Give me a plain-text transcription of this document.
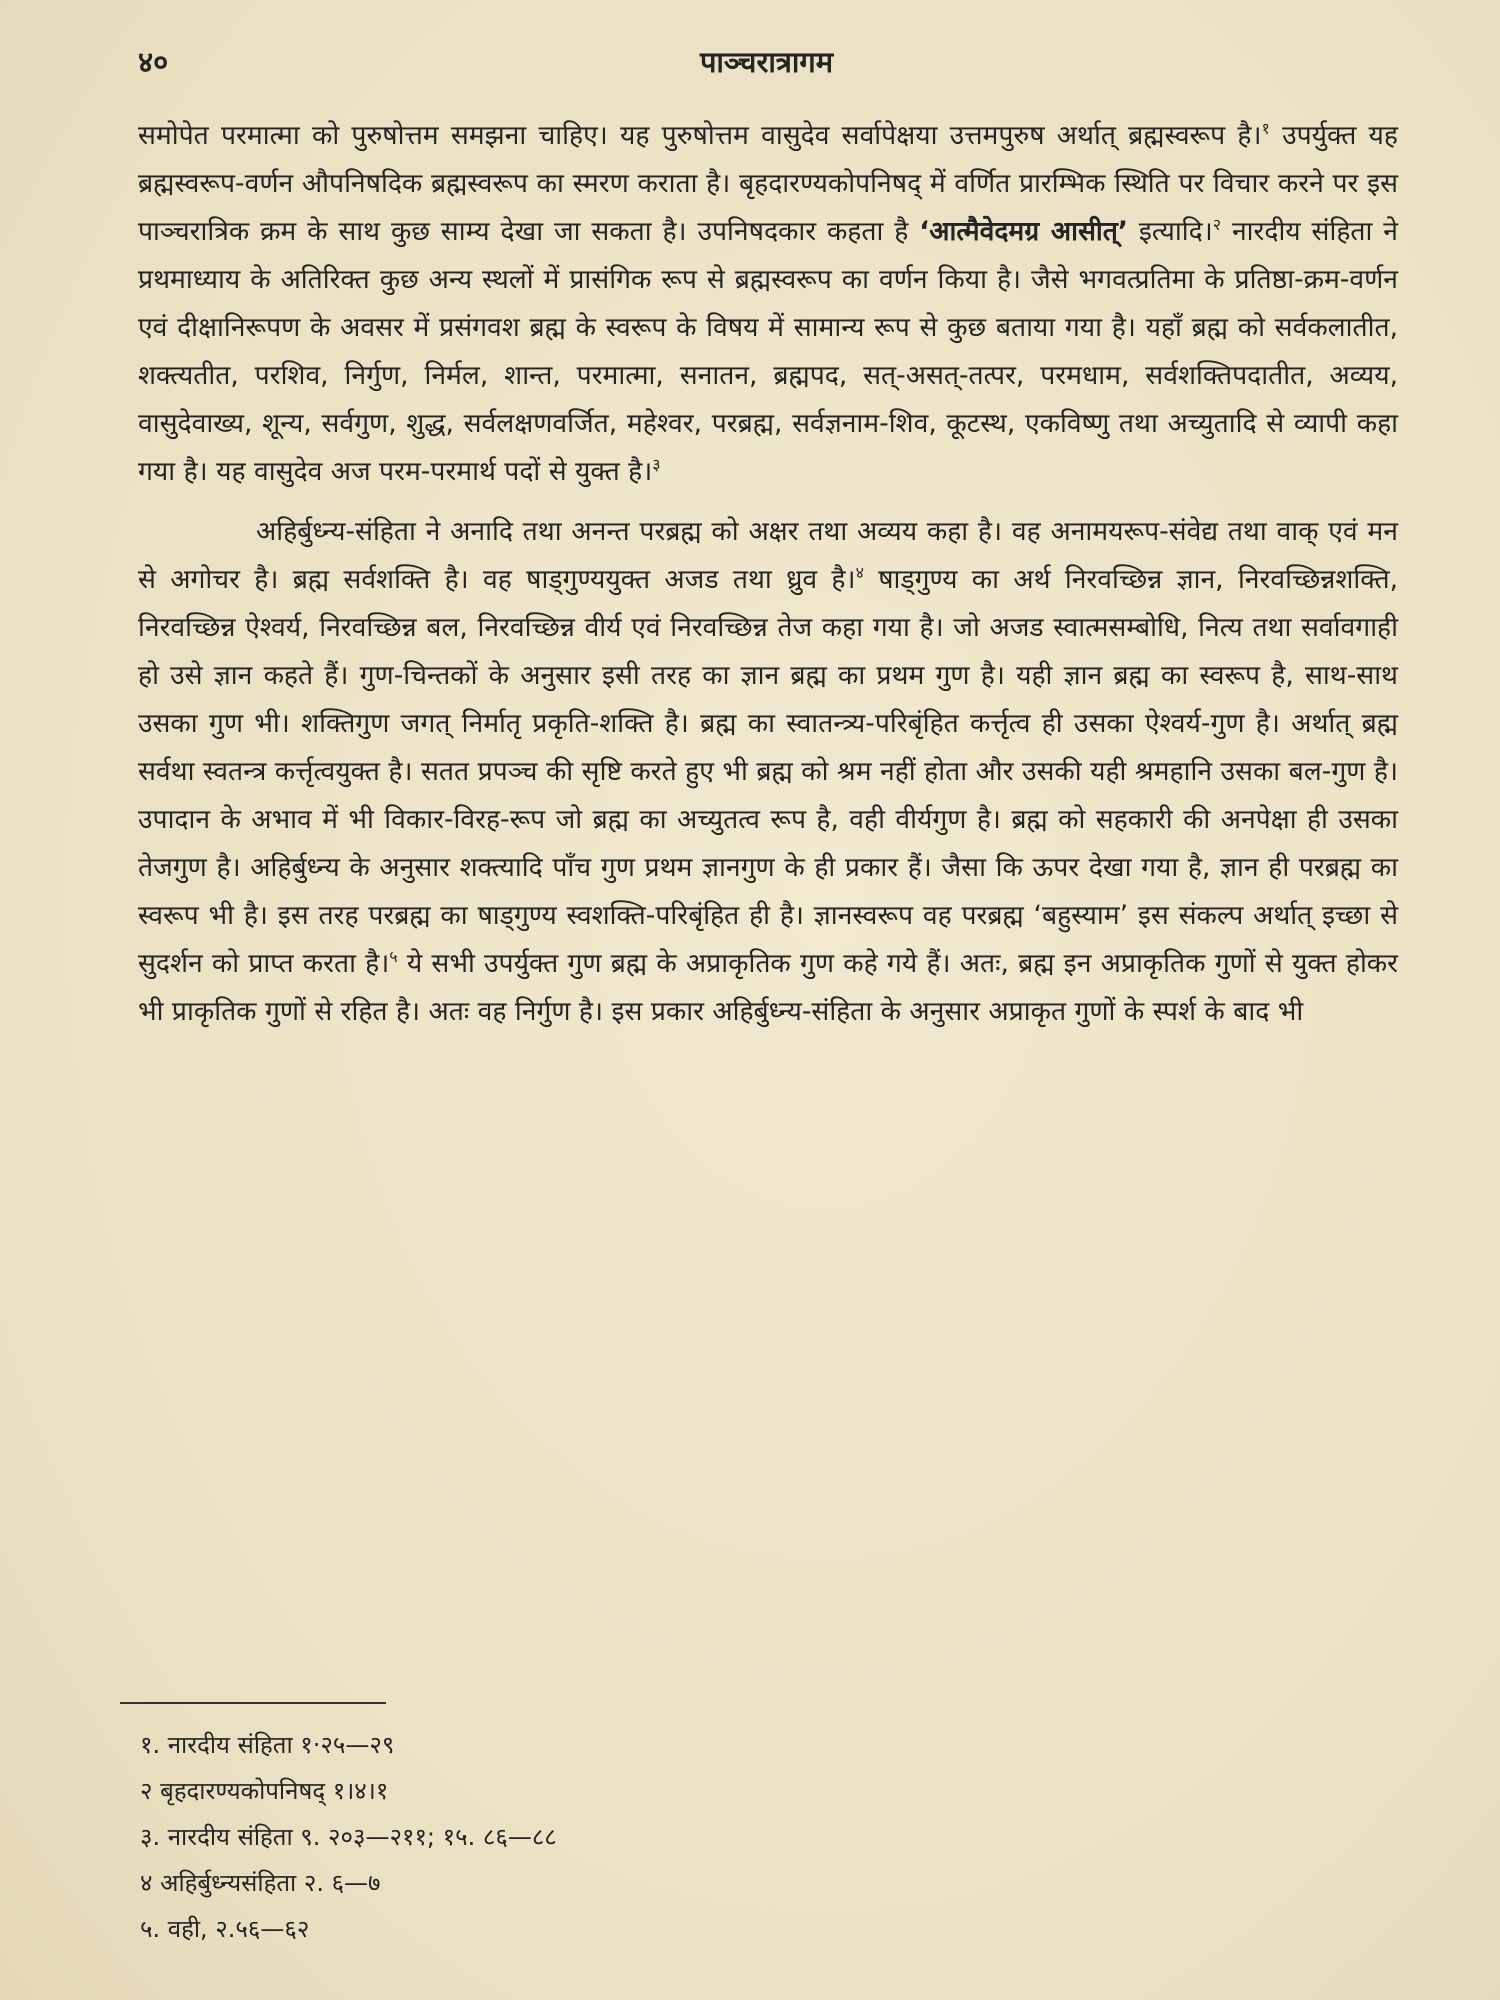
४०	पाञ्चरात्रागम

समोपेत परमात्मा को पुरुषोत्तम समझना चाहिए। यह पुरुषोत्तम वासुदेव सर्वापेक्षया उत्तमपुरुष अर्थात् ब्रह्मस्वरूप है।$^१$ उपर्युक्त यह ब्रह्मस्वरूप-वर्णन औपनिषदिक ब्रह्मस्वरूप का स्मरण कराता है। बृहदारण्यकोपनिषद् में वर्णित प्रारम्भिक स्थिति पर विचार करने पर इस पाञ्चरात्रिक क्रम के साथ कुछ साम्य देखा जा सकता है। उपनिषदकार कहता है ‘आत्मैवेदमग्र आसीत्’ इत्यादि।$^२$ नारदीय संहिता ने प्रथमाध्याय के अतिरिक्त कुछ अन्य स्थलों में प्रासंगिक रूप से ब्रह्मस्वरूप का वर्णन किया है। जैसे भगवत्प्रतिमा के प्रतिष्ठा-क्रम-वर्णन एवं दीक्षानिरूपण के अवसर में प्रसंगवश ब्रह्म के स्वरूप के विषय में सामान्य रूप से कुछ बताया गया है। यहाँ ब्रह्म को सर्वकलातीत, शक्त्यतीत, परशिव, निर्गुण, निर्मल, शान्त, परमात्मा, सनातन, ब्रह्मपद, सत्-असत्-तत्पर, परमधाम, सर्वशक्तिपदातीत, अव्यय, वासुदेवाख्य, शून्य, सर्वगुण, शुद्ध, सर्वलक्षणवर्जित, महेश्वर, परब्रह्म, सर्वज्ञनाम-शिव, कूटस्थ, एकविष्णु तथा अच्युतादि से व्यापी कहा गया है। यह वासुदेव अज परम-परमार्थ पदों से युक्त है।$^३$

अहिर्बुध्न्य-संहिता ने अनादि तथा अनन्त परब्रह्म को अक्षर तथा अव्यय कहा है। वह अनामयरूप-संवेद्य तथा वाक् एवं मन से अगोचर है। ब्रह्म सर्वशक्ति है। वह षाड्गुण्ययुक्त अजड तथा ध्रुव है।$^४$ षाड्गुण्य का अर्थ निरवच्छिन्न ज्ञान, निरवच्छिन्नशक्ति, निरवच्छिन्न ऐश्वर्य, निरवच्छिन्न बल, निरवच्छिन्न वीर्य एवं निरवच्छिन्न तेज कहा गया है। जो अजड स्वात्मसम्बोधि, नित्य तथा सर्वावगाही हो उसे ज्ञान कहते हैं। गुण-चिन्तकों के अनुसार इसी तरह का ज्ञान ब्रह्म का प्रथम गुण है। यही ज्ञान ब्रह्म का स्वरूप है, साथ-साथ उसका गुण भी। शक्तिगुण जगत् निर्मातृ प्रकृति-शक्ति है। ब्रह्म का स्वातन्त्र्य-परिबृंहित कर्त्तृत्व ही उसका ऐश्वर्य-गुण है। अर्थात् ब्रह्म सर्वथा स्वतन्त्र कर्त्तृत्वयुक्त है। सतत प्रपञ्च की सृष्टि करते हुए भी ब्रह्म को श्रम नहीं होता और उसकी यही श्रमहानि उसका बल-गुण है। उपादान के अभाव में भी विकार-विरह-रूप जो ब्रह्म का अच्युतत्व रूप है, वही वीर्यगुण है। ब्रह्म को सहकारी की अनपेक्षा ही उसका तेजगुण है। अहिर्बुध्न्य के अनुसार शक्त्यादि पाँच गुण प्रथम ज्ञानगुण के ही प्रकार हैं। जैसा कि ऊपर देखा गया है, ज्ञान ही परब्रह्म का स्वरूप भी है। इस तरह परब्रह्म का षाड्गुण्य स्वशक्ति-परिबृंहित ही है। ज्ञानस्वरूप वह परब्रह्म ‘बहुस्याम’ इस संकल्प अर्थात् इच्छा से सुदर्शन को प्राप्त करता है।$^५$ ये सभी उपर्युक्त गुण ब्रह्म के अप्राकृतिक गुण कहे गये हैं। अतः, ब्रह्म इन अप्राकृतिक गुणों से युक्त होकर भी प्राकृतिक गुणों से रहित है। अतः वह निर्गुण है। इस प्रकार अहिर्बुध्न्य-संहिता के अनुसार अप्राकृत गुणों के स्पर्श के बाद भी

१. नारदीय संहिता १·२५—२९
२ बृहदारण्यकोपनिषद् १।४।१
३. नारदीय संहिता ९. २०३—२११; १५. ८६—८८
४ अहिर्बुध्न्यसंहिता २. ६—७
५. वही, २.५६—६२
